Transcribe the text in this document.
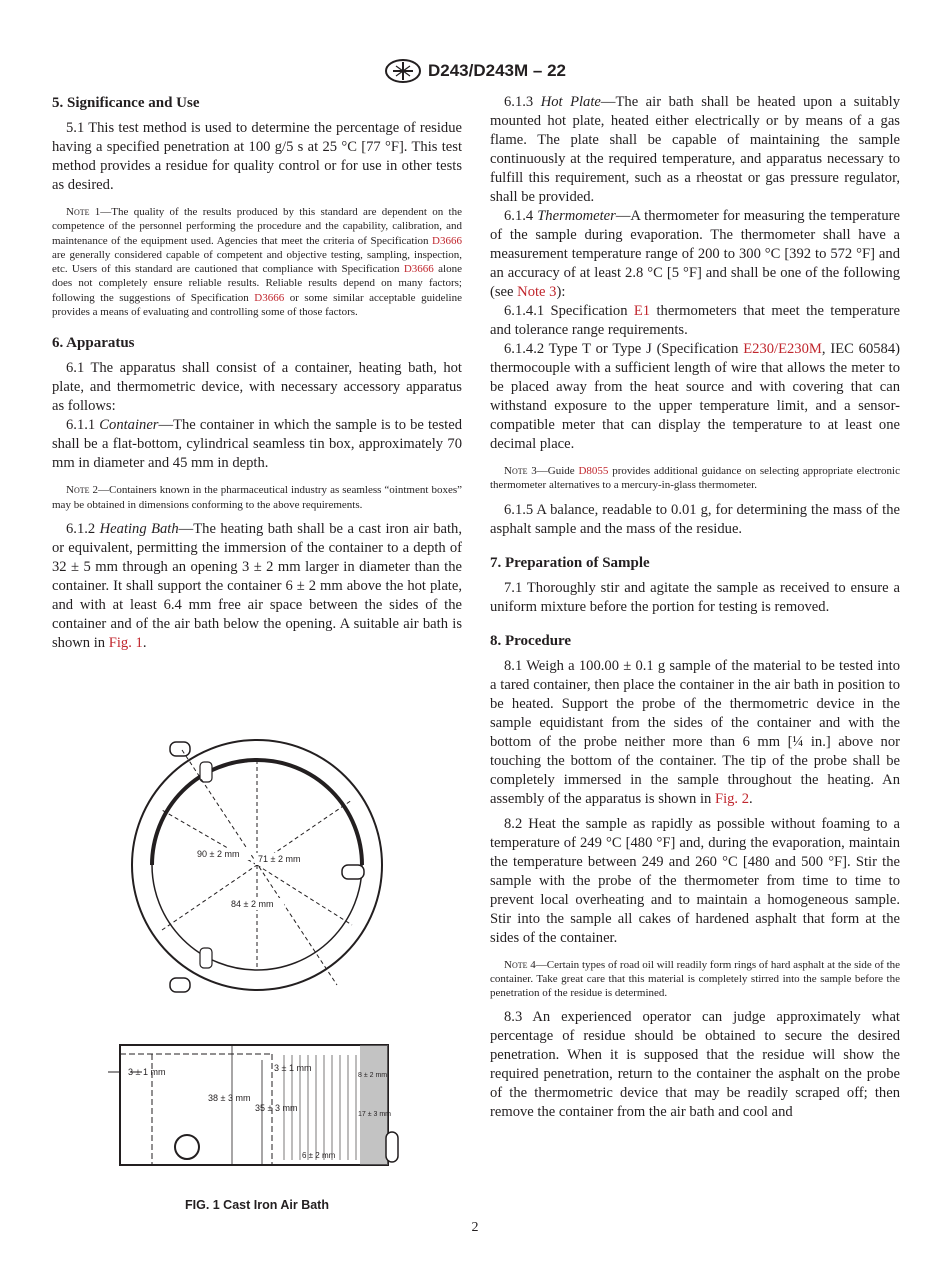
D243/D243M – 22
5. Significance and Use

5.1 This test method is used to determine the percentage of residue having a specified penetration at 100 g/5 s at 25 °C [77 °F]. This test method provides a residue for quality control or for use in other tests as desired.

Note 1—The quality of the results produced by this standard are dependent on the competence of the personnel performing the procedure and the capability, calibration, and maintenance of the equipment used. Agencies that meet the criteria of Specification D3666 are generally considered capable of competent and objective testing, sampling, inspection, etc. Users of this standard are cautioned that compliance with Specification D3666 alone does not completely ensure reliable results. Reliable results depend on many factors; following the suggestions of Specification D3666 or some similar acceptable guideline provides a means of evaluating and controlling some of those factors.
6. Apparatus

6.1 The apparatus shall consist of a container, heating bath, hot plate, and thermometric device, with necessary accessory apparatus as follows:

6.1.1 Container—The container in which the sample is to be tested shall be a flat-bottom, cylindrical seamless tin box, approximately 70 mm in diameter and 45 mm in depth.

Note 2—Containers known in the pharmaceutical industry as seamless “ointment boxes” may be obtained in dimensions conforming to the above requirements.

6.1.2 Heating Bath—The heating bath shall be a cast iron air bath, or equivalent, permitting the immersion of the container to a depth of 32 ± 5 mm through an opening 3 ± 2 mm larger in diameter than the container. It shall support the container 6 ± 2 mm above the hot plate, and with at least 6.4 mm free air space between the sides of the container and of the air bath below the opening. A suitable air bath is shown in Fig. 1.

6.1.3 Hot Plate—The air bath shall be heated upon a suitably mounted hot plate, heated either electrically or by means of a gas flame. The plate shall be capable of maintaining the sample continuously at the required temperature, and apparatus necessary to fulfill this requirement, such as a rheostat or gas pressure regulator, shall be provided.

6.1.4 Thermometer—A thermometer for measuring the temperature of the sample during evaporation. The thermometer shall have a measurement temperature range of 200 to 300 °C [392 to 572 °F] and an accuracy of at least 2.8 °C [5 °F] and shall be one of the following (see Note 3):

6.1.4.1 Specification E1 thermometers that meet the temperature and tolerance range requirements.

6.1.4.2 Type T or Type J (Specification E230/E230M, IEC 60584) thermocouple with a sufficient length of wire that allows the meter to be placed away from the heat source and with covering that can withstand exposure to the upper temperature limit, and a sensor-compatible meter that can display the temperature to at least one decimal place.

Note 3—Guide D8055 provides additional guidance on selecting appropriate electronic thermometer alternatives to a mercury-in-glass thermometer.

6.1.5 A balance, readable to 0.01 g, for determining the mass of the asphalt sample and the mass of the residue.

7. Preparation of Sample

7.1 Thoroughly stir and agitate the sample as received to ensure a uniform mixture before the portion for testing is removed.

8. Procedure

8.1 Weigh a 100.00 ± 0.1 g sample of the material to be tested into a tared container, then place the container in the air bath in position to be heated. Support the probe of the thermometric device in the sample equidistant from the sides of the container and with the bottom of the probe neither more than 6 mm [¼ in.] above nor touching the bottom of the container. The tip of the probe shall be completely immersed in the sample throughout the heating. An assembly of the apparatus is shown in Fig. 2.

8.2 Heat the sample as rapidly as possible without foaming to a temperature of 249 °C [480 °F] and, during the evaporation, maintain the temperature between 249 and 260 °C [480 and 500 °F]. Stir the sample with the probe of the thermometer from time to time to prevent local overheating and to maintain a homogeneous sample. Stir into the sample all cakes of hardened asphalt that form at the sides of the container.

Note 4—Certain types of road oil will readily form rings of hard asphalt at the side of the container. Take great care that this material is completely stirred into the sample before the penetration of the residue is determined.

8.3 An experienced operator can judge approximately what percentage of residue should be obtained to secure the desired penetration. When it is supposed that the residue will show the required penetration, return to the container the asphalt on the probe of the thermometric device that may be readily scraped off; then remove the container from the air bath and cool and

90 ± 2 mm 71 ± 2 mm
84 ± 2 mm
3 ± 1 mm	3 ± 1 mm
38 ± 3 mm
35 ± 3 mm
8 ± 2 mm
17 ± 3 mm
6 ± 2 mm
FIG. 1 Cast Iron Air Bath
2
